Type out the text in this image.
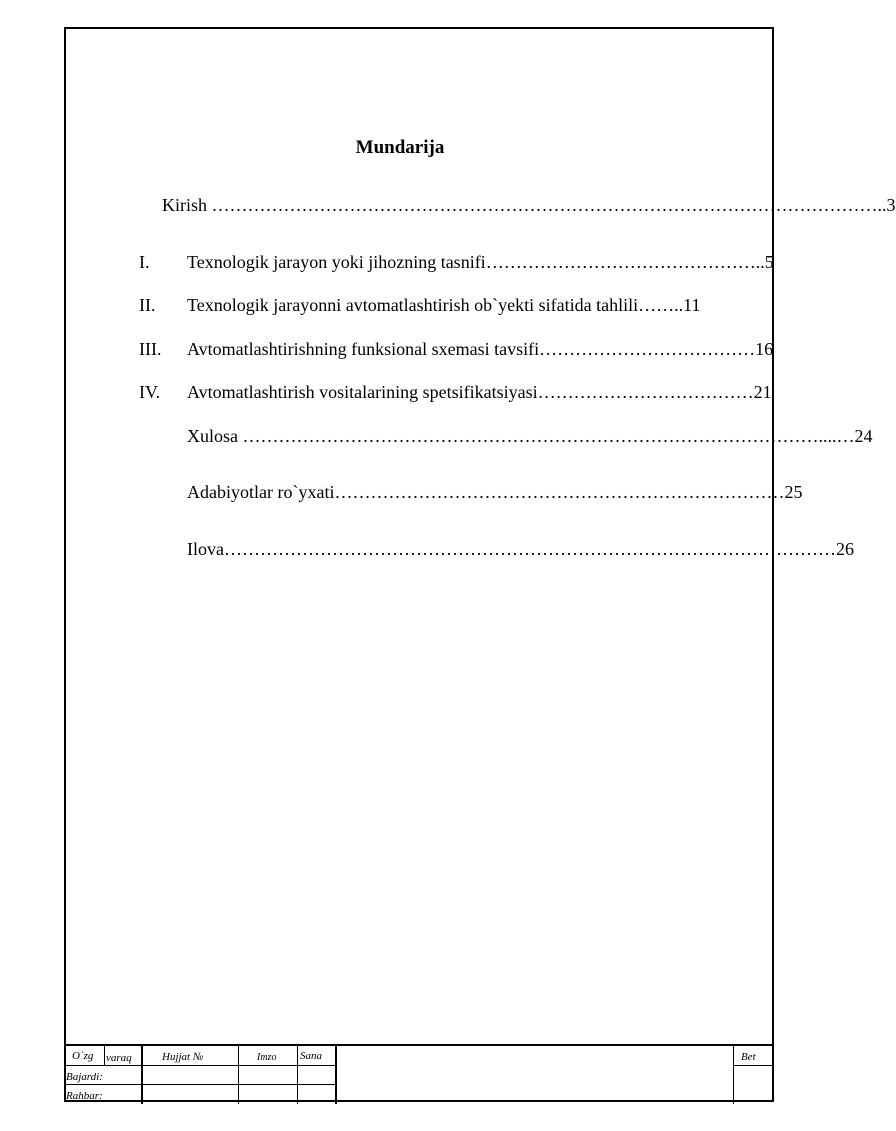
Mundarija
Kirish …………………………………………………………………………………………………..3
I. Texnologik jarayon yoki jihozning tasnifi………………………………………..5
II. Texnologik jarayonni avtomatlashtirish ob`yekti sifatida tahlili……..11
III. Avtomatlashtirishning funksional sxemasi tavsifi………………………………16
IV. Avtomatlashtirish vositalarining spetsifikatsiyasi………………………………21
Xulosa ……………………………………………………………………………………....…24
Adabiyotlar ro`yxati…………………………………………………………………25
Ilova…………………………………………………………………………………………26
O`zg varaq	Hujjat №	Imzo Sana	Bet
Bajardi:
Rahbar:
